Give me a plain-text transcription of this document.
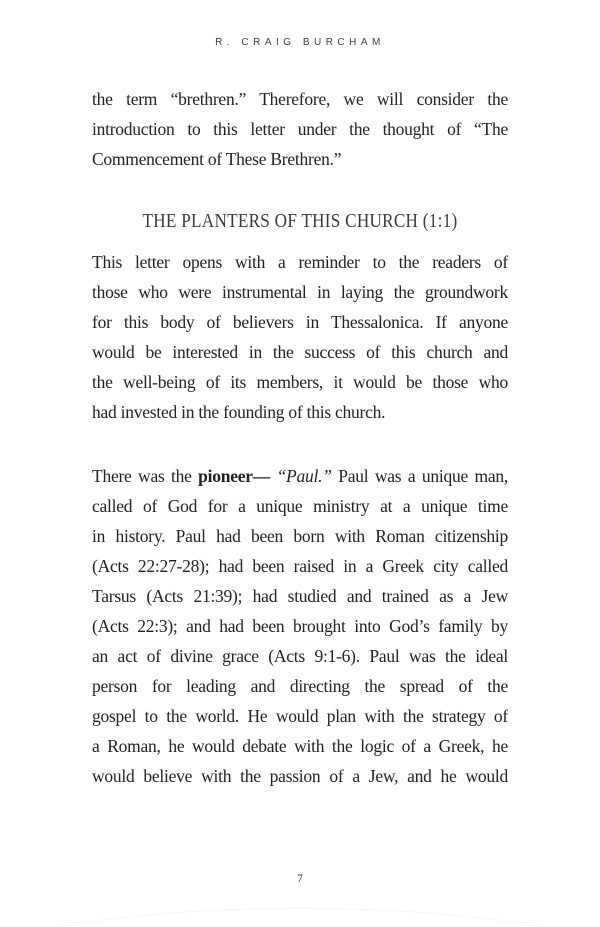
R. CRAIG BURCHAM
the term “brethren.” Therefore, we will consider the
introduction to this letter under the thought of “The
Commencement of These Brethren.”
THE PLANTERS OF THIS CHURCH (1:1)
This letter opens with a reminder to the readers of
those who were instrumental in laying the groundwork
for this body of believers in Thessalonica. If anyone
would be interested in the success of this church and
the well-being of its members, it would be those who
had invested in the founding of this church.
There was the pioneer— “Paul.” Paul was a unique man,
called of God for a unique ministry at a unique time
in history. Paul had been born with Roman citizenship
(Acts 22:27-28); had been raised in a Greek city called
Tarsus (Acts 21:39); had studied and trained as a Jew
(Acts 22:3); and had been brought into God’s family by
an act of divine grace (Acts 9:1-6). Paul was the ideal
person for leading and directing the spread of the
gospel to the world. He would plan with the strategy of
a Roman, he would debate with the logic of a Greek, he
would believe with the passion of a Jew, and he would
7
